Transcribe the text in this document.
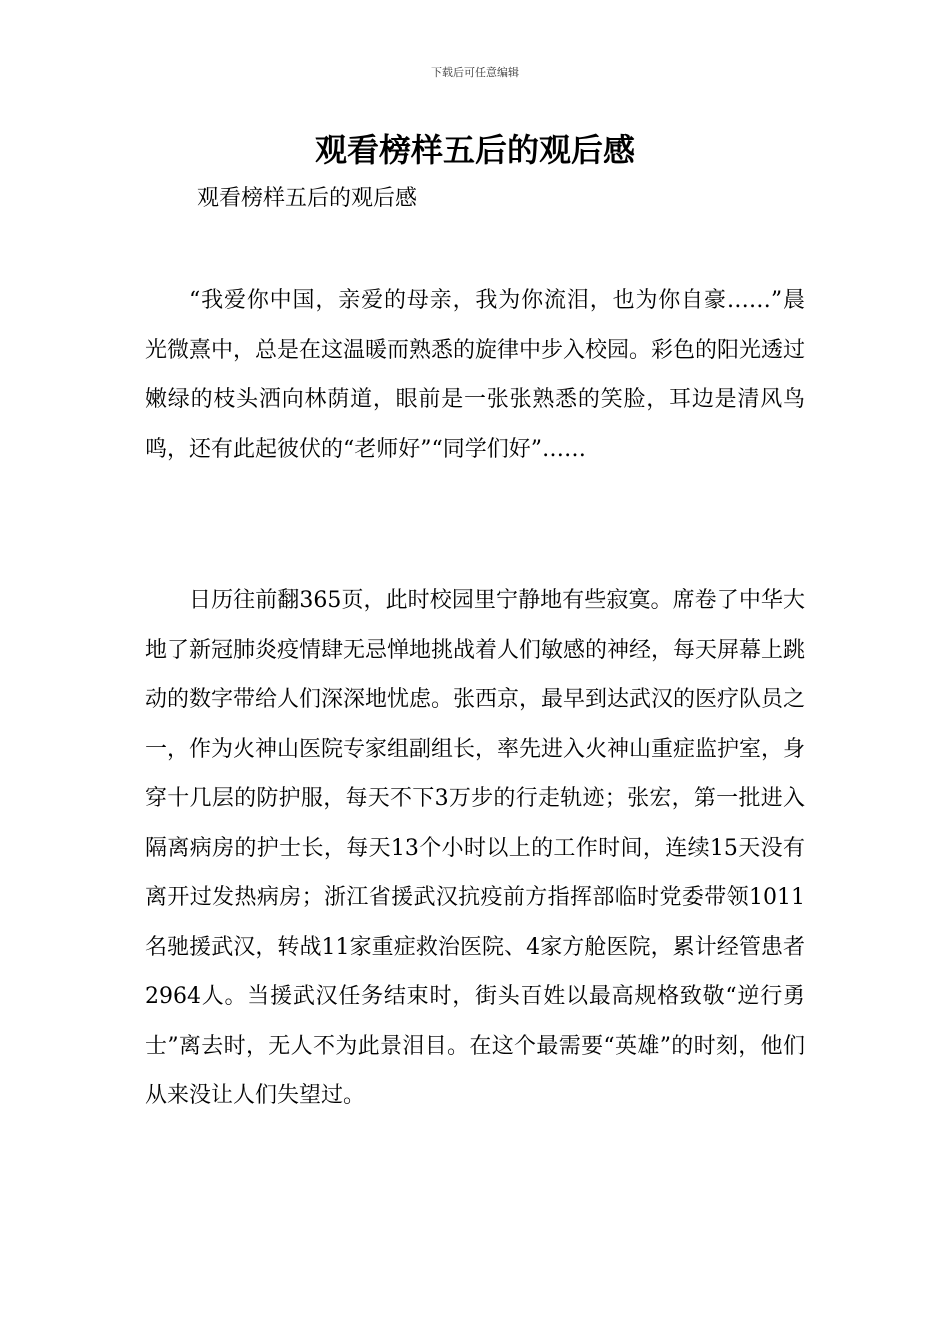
下载后可任意编辑
观看榜样五后的观后感

观看榜样五后的观后感

“我爱你中国，亲爱的母亲，我为你流泪，也为你自豪……”晨光微熹中，总是在这温暖而熟悉的旋律中步入校园。彩色的阳光透过嫩绿的枝头洒向林荫道，眼前是一张张熟悉的笑脸，耳边是清风鸟鸣，还有此起彼伏的“老师好”“同学们好”……

日历往前翻365页，此时校园里宁静地有些寂寞。席卷了中华大地了新冠肺炎疫情肆无忌惮地挑战着人们敏感的神经，每天屏幕上跳动的数字带给人们深深地忧虑。张西京，最早到达武汉的医疗队员之一，作为火神山医院专家组副组长，率先进入火神山重症监护室，身穿十几层的防护服，每天不下3万步的行走轨迹；张宏，第一批进入隔离病房的护士长，每天13个小时以上的工作时间，连续15天没有离开过发热病房；浙江省援武汉抗疫前方指挥部临时党委带领1011名驰援武汉，转战11家重症救治医院、4家方舱医院，累计经管患者2964人。当援武汉任务结束时，街头百姓以最高规格致敬“逆行勇士”离去时，无人不为此景泪目。在这个最需要“英雄”的时刻，他们从来没让人们失望过。
